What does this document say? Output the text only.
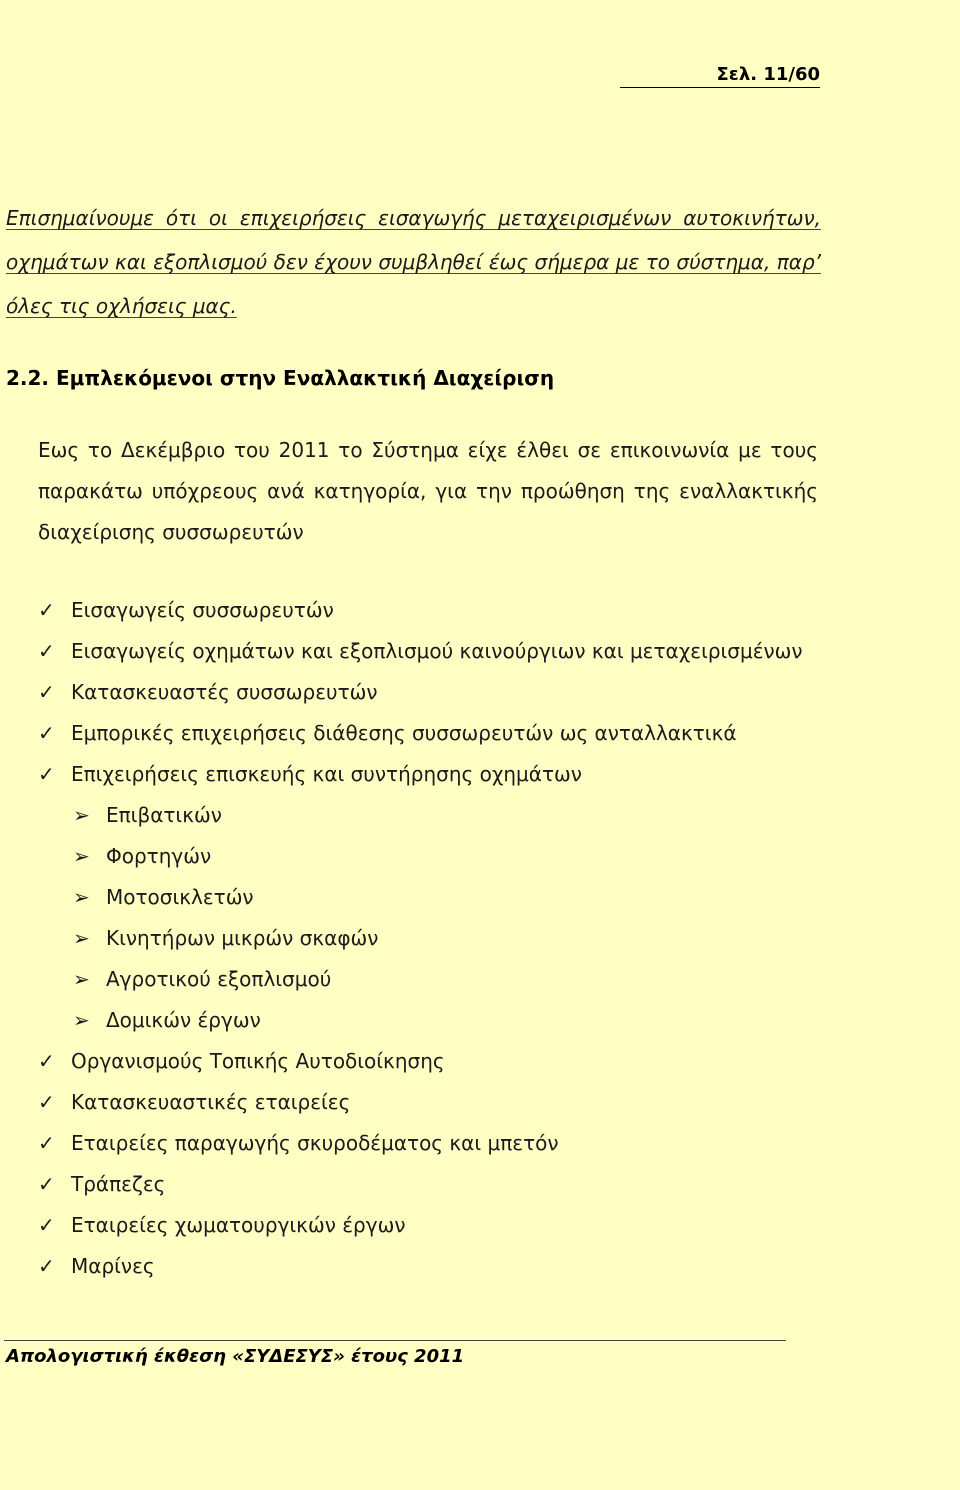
Σελ. 11/60
Επισημαίνουμε ότι οι επιχειρήσεις εισαγωγής μεταχειρισμένων αυτοκινήτων,
οχημάτων και εξοπλισμού δεν έχουν συμβληθεί έως σήμερα με το σύστημα, παρ’
όλες τις οχλήσεις μας.
2.2. Εμπλεκόμενοι στην Εναλλακτική Διαχείριση
Εως το Δεκέμβριο του 2011 το Σύστημα είχε έλθει σε επικοινωνία με τους
παρακάτω υπόχρεους ανά κατηγορία, για την προώθηση της εναλλακτικής
διαχείρισης συσσωρευτών
✓ Εισαγωγείς συσσωρευτών
✓ Εισαγωγείς οχημάτων και εξοπλισμού καινούργιων και μεταχειρισμένων
✓ Κατασκευαστές συσσωρευτών
✓ Εμπορικές επιχειρήσεις διάθεσης συσσωρευτών ως ανταλλακτικά
✓ Επιχειρήσεις επισκευής και συντήρησης οχημάτων
➢ Επιβατικών
➢ Φορτηγών
➢ Μοτοσικλετών
➢ Κινητήρων μικρών σκαφών
➢ Αγροτικού εξοπλισμού
➢ Δομικών έργων
✓ Οργανισμούς Τοπικής Αυτοδιοίκησης
✓ Κατασκευαστικές εταιρείες
✓ Εταιρείες παραγωγής σκυροδέματος και μπετόν
✓ Τράπεζες
✓ Εταιρείες χωματουργικών έργων
✓ Μαρίνες
Απολογιστική έκθεση «ΣΥΔΕΣΥΣ» έτους 2011
